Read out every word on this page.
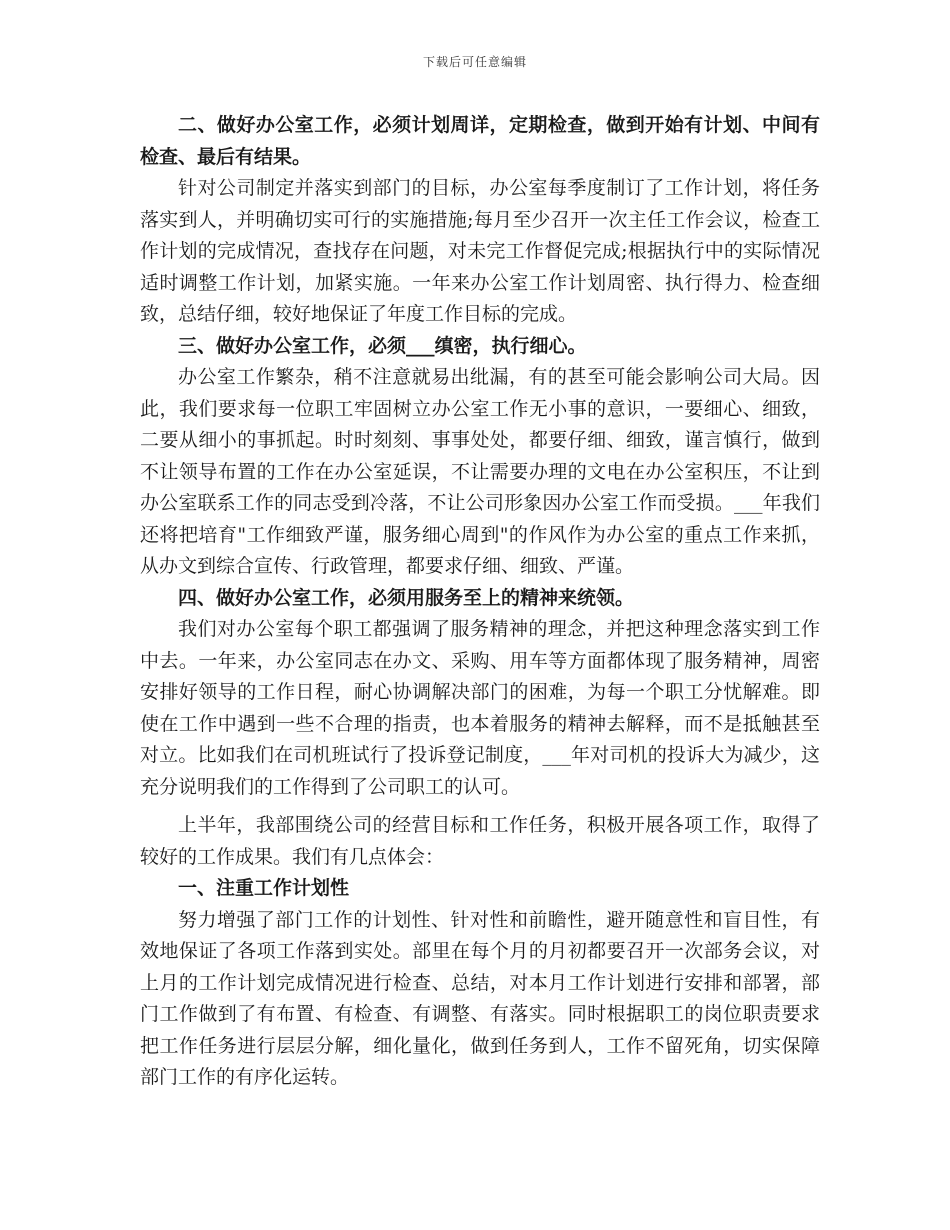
下载后可任意编辑

二、做好办公室工作，必须计划周详，定期检查，做到开始有计划、中间有检查、最后有结果。

针对公司制定并落实到部门的目标，办公室每季度制订了工作计划，将任务落实到人，并明确切实可行的实施措施;每月至少召开一次主任工作会议，检查工作计划的完成情况，查找存在问题，对未完工作督促完成;根据执行中的实际情况适时调整工作计划，加紧实施。一年来办公室工作计划周密、执行得力、检查细致，总结仔细，较好地保证了年度工作目标的完成。

三、做好办公室工作，必须___缜密，执行细心。

办公室工作繁杂，稍不注意就易出纰漏，有的甚至可能会影响公司大局。因此，我们要求每一位职工牢固树立办公室工作无小事的意识，一要细心、细致，二要从细小的事抓起。时时刻刻、事事处处，都要仔细、细致，谨言慎行，做到不让领导布置的工作在办公室延误，不让需要办理的文电在办公室积压，不让到办公室联系工作的同志受到冷落，不让公司形象因办公室工作而受损。___年我们还将把培育"工作细致严谨，服务细心周到"的作风作为办公室的重点工作来抓，从办文到综合宣传、行政管理，都要求仔细、细致、严谨。

四、做好办公室工作，必须用服务至上的精神来统领。

我们对办公室每个职工都强调了服务精神的理念，并把这种理念落实到工作中去。一年来，办公室同志在办文、采购、用车等方面都体现了服务精神，周密安排好领导的工作日程，耐心协调解决部门的困难，为每一个职工分忧解难。即使在工作中遇到一些不合理的指责，也本着服务的精神去解释，而不是抵触甚至对立。比如我们在司机班试行了投诉登记制度，___年对司机的投诉大为减少，这充分说明我们的工作得到了公司职工的认可。

上半年，我部围绕公司的经营目标和工作任务，积极开展各项工作，取得了较好的工作成果。我们有几点体会：

一、注重工作计划性

努力增强了部门工作的计划性、针对性和前瞻性，避开随意性和盲目性，有效地保证了各项工作落到实处。部里在每个月的月初都要召开一次部务会议，对上月的工作计划完成情况进行检查、总结，对本月工作计划进行安排和部署，部门工作做到了有布置、有检查、有调整、有落实。同时根据职工的岗位职责要求把工作任务进行层层分解，细化量化，做到任务到人，工作不留死角，切实保障部门工作的有序化运转。
